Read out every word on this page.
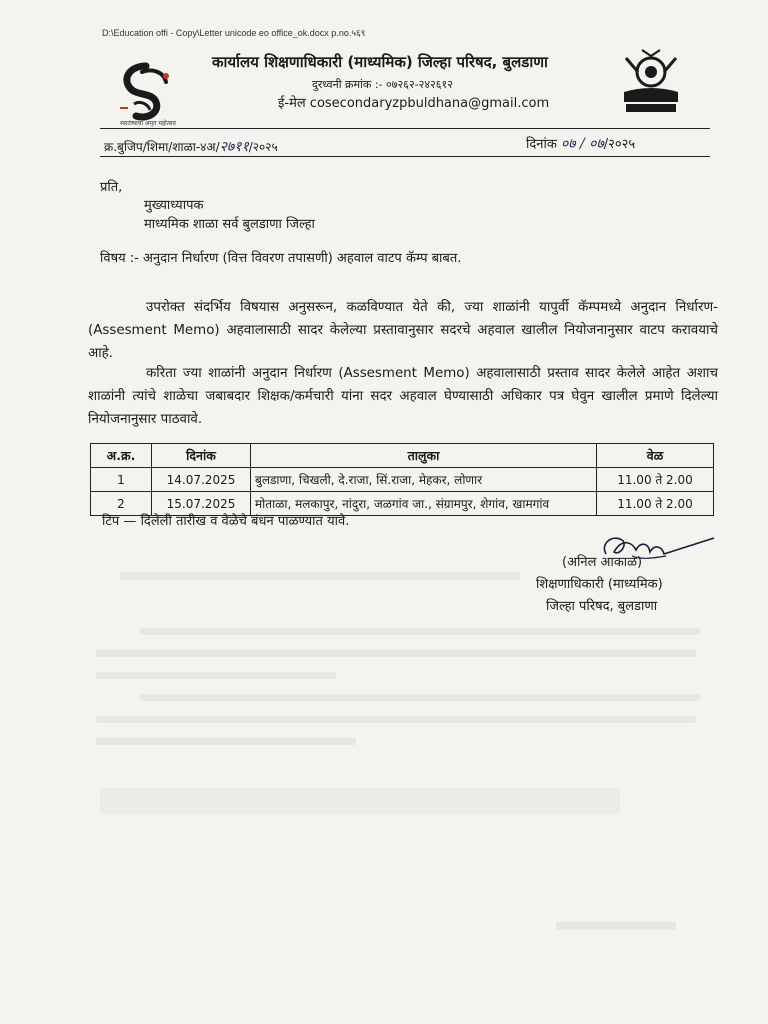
D:\Education offi - Copy\Letter unicode eo office_ok.docx p.no.५६९
स्वातंत्र्याचा अमृत महोत्सव
कार्यालय शिक्षणाधिकारी (माध्यमिक) जिल्हा परिषद, बुलडाणा
दुरध्वनी क्रमांक :- ०७२६२-२४२६१२
ई-मेल cosecondaryzpbuldhana@gmail.com
क्र.बुजिप/शिमा/शाळा-४अ/२७११/२०२५	दिनांक ०७ / ०७/२०२५
प्रति,
मुख्याध्यापक
माध्यमिक शाळा सर्व बुलडाणा जिल्हा
विषय :- अनुदान निर्धारण (वित्त विवरण तपासणी) अहवाल वाटप कॅम्प बाबत.
उपरोक्त संदर्भिय विषयास अनुसरून, कळविण्यात येते की, ज्या शाळांनी यापुर्वी कॅम्पमध्ये अनुदान निर्धारण- (Assesment Memo) अहवालासाठी सादर केलेल्या प्रस्तावानुसार सदरचे अहवाल खालील नियोजनानुसार वाटप करावयाचे आहे.
करिता ज्या शाळांनी अनुदान निर्धारण (Assesment Memo) अहवालासाठी प्रस्ताव सादर केलेले आहेत अशाच शाळांनी त्यांचे शाळेचा जबाबदार शिक्षक/कर्मचारी यांना सदर अहवाल घेण्यासाठी अधिकार पत्र घेवुन खालील प्रमाणे दिलेल्या नियोजनानुसार पाठवावे.
अ.क्र.	दिनांक	तालुका	वेळ
1	14.07.2025	बुलडाणा, चिखली, दे.राजा, सिं.राजा, मेहकर, लोणार	11.00 ते 2.00
2	15.07.2025	मोताळा, मलकापुर, नांदुरा, जळगांव जा., संग्रामपुर, शेगांव, खामगांव	11.00 ते 2.00
टिप — दिलेली तारीख व वेळेचे बंधन पाळण्यात यावे.
(अनिल आकाळ)
शिक्षणाधिकारी (माध्यमिक)
जिल्हा परिषद, बुलडाणा
